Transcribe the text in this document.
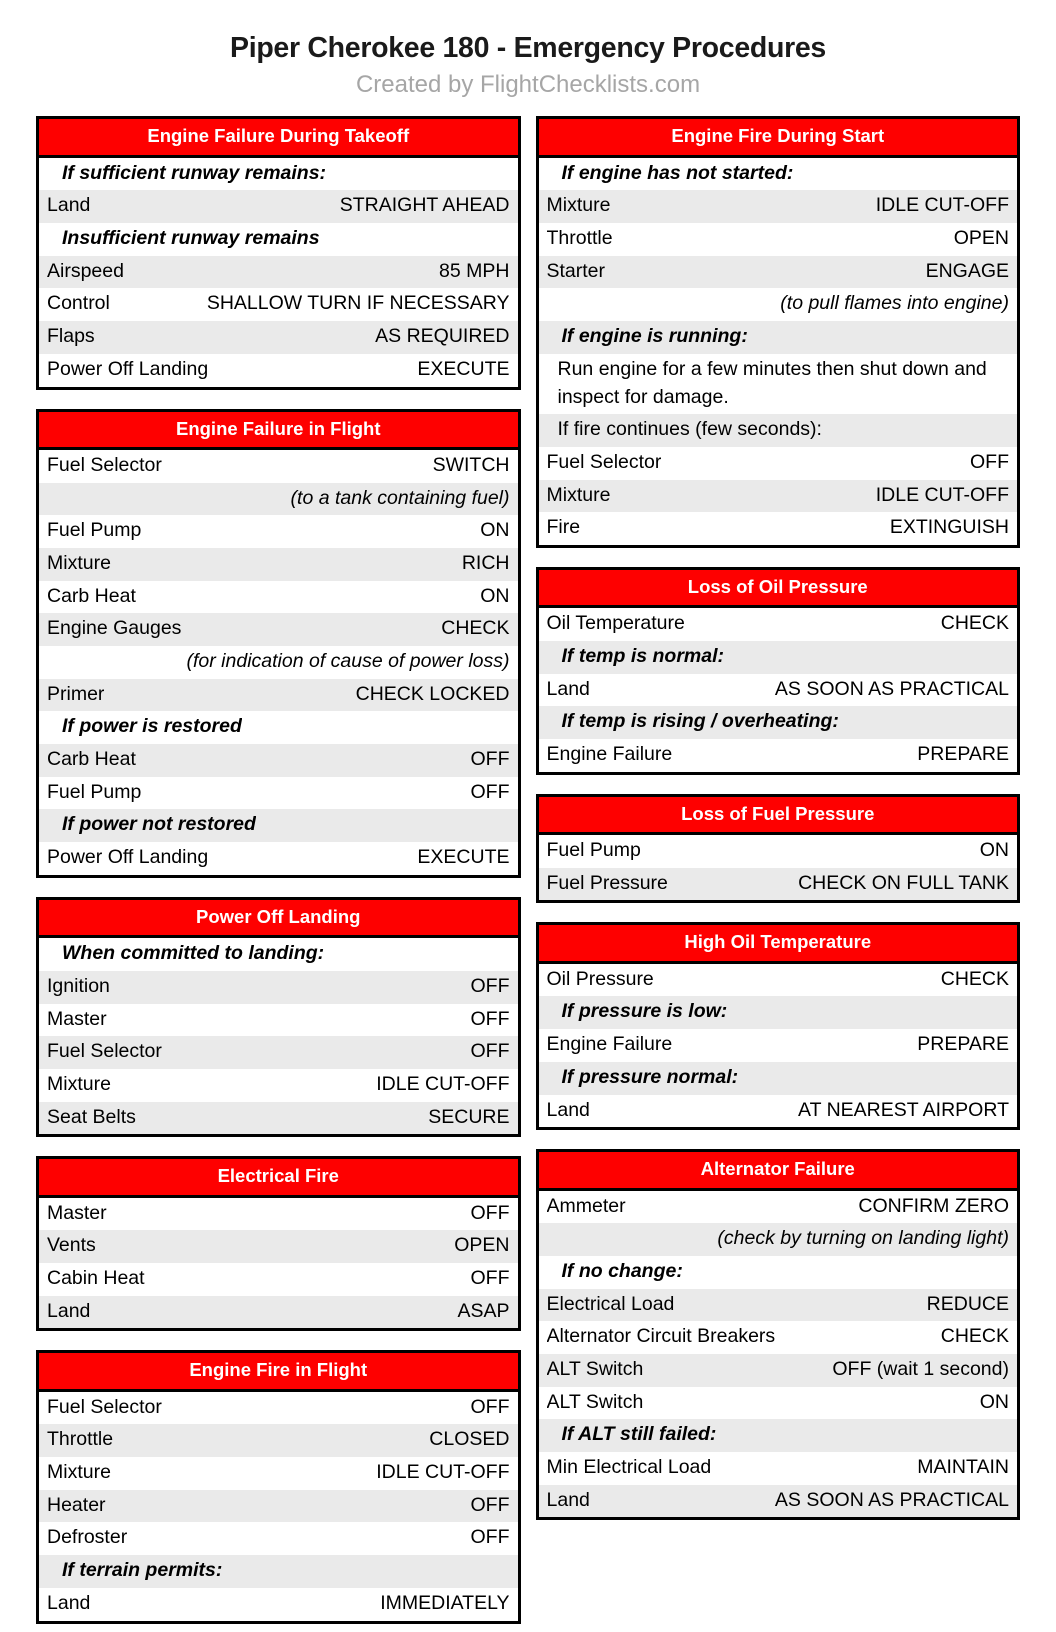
Piper Cherokee 180 - Emergency Procedures
Created by FlightChecklists.com
Engine Failure During Takeoff
If sufficient runway remains:
Land	STRAIGHT AHEAD
Insufficient runway remains
Airspeed	85 MPH
Control	SHALLOW TURN IF NECESSARY
Flaps	AS REQUIRED
Power Off Landing	EXECUTE
Engine Failure in Flight
Fuel Selector	SWITCH
(to a tank containing fuel)
Fuel Pump	ON
Mixture	RICH
Carb Heat	ON
Engine Gauges	CHECK
(for indication of cause of power loss)
Primer	CHECK LOCKED
If power is restored
Carb Heat	OFF
Fuel Pump	OFF
If power not restored
Power Off Landing	EXECUTE
Power Off Landing
When committed to landing:
Ignition	OFF
Master	OFF
Fuel Selector	OFF
Mixture	IDLE CUT-OFF
Seat Belts	SECURE
Electrical Fire
Master	OFF
Vents	OPEN
Cabin Heat	OFF
Land	ASAP
Engine Fire in Flight
Fuel Selector	OFF
Throttle	CLOSED
Mixture	IDLE CUT-OFF
Heater	OFF
Defroster	OFF
If terrain permits:
Land	IMMEDIATELY
Engine Fire During Start
If engine has not started:
Mixture	IDLE CUT-OFF
Throttle	OPEN
Starter	ENGAGE
(to pull flames into engine)
If engine is running:
Run engine for a few minutes then shut down and inspect for damage.
If fire continues (few seconds):
Fuel Selector	OFF
Mixture	IDLE CUT-OFF
Fire	EXTINGUISH
Loss of Oil Pressure
Oil Temperature	CHECK
If temp is normal:
Land	AS SOON AS PRACTICAL
If temp is rising / overheating:
Engine Failure	PREPARE
Loss of Fuel Pressure
Fuel Pump	ON
Fuel Pressure	CHECK ON FULL TANK
High Oil Temperature
Oil Pressure	CHECK
If pressure is low:
Engine Failure	PREPARE
If pressure normal:
Land	AT NEAREST AIRPORT
Alternator Failure
Ammeter	CONFIRM ZERO
(check by turning on landing light)
If no change:
Electrical Load	REDUCE
Alternator Circuit Breakers	CHECK
ALT Switch	OFF (wait 1 second)
ALT Switch	ON
If ALT still failed:
Min Electrical Load	MAINTAIN
Land	AS SOON AS PRACTICAL
